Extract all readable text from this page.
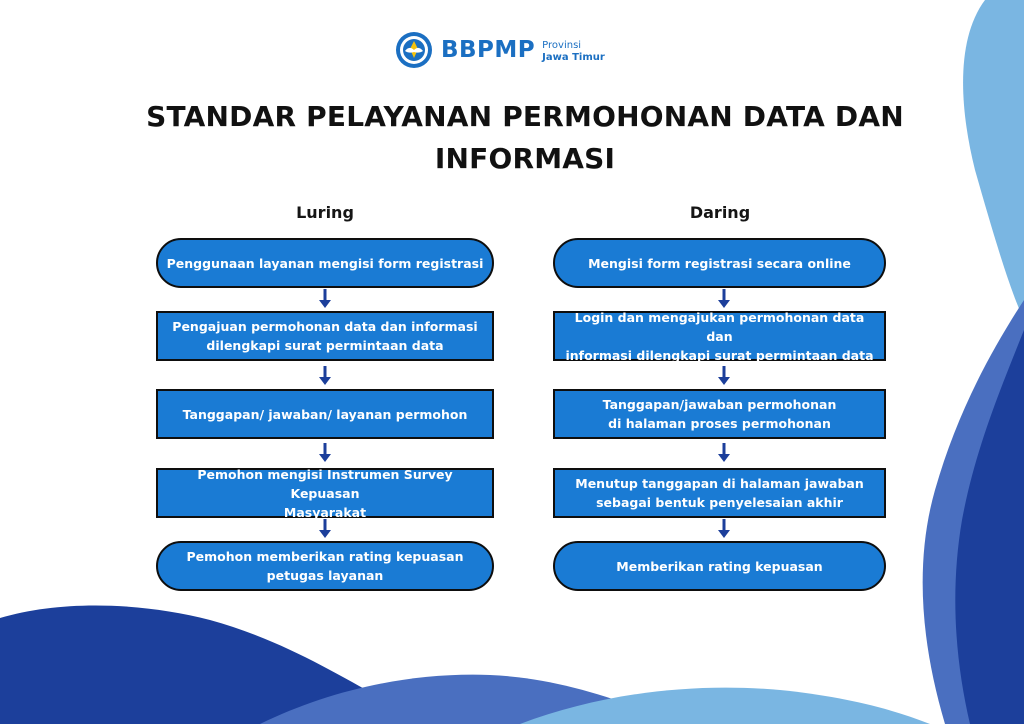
BBPMP Provinsi
Jawa Timur
STANDAR PELAYANAN PERMOHONAN DATA DAN
INFORMASI
Luring	Daring
Penggunaan layanan mengisi form registrasi
Pengajuan permohonan data dan informasi
dilengkapi surat permintaan data
Tanggapan/ jawaban/ layanan permohon
Pemohon mengisi Instrumen Survey Kepuasan
Masyarakat
Pemohon memberikan rating kepuasan
petugas layanan
Mengisi form registrasi secara online
Login dan mengajukan permohonan data dan
informasi dilengkapi surat permintaan data
Tanggapan/jawaban permohonan
di halaman proses permohonan
Menutup tanggapan di halaman jawaban
sebagai bentuk penyelesaian akhir
Memberikan rating kepuasan
